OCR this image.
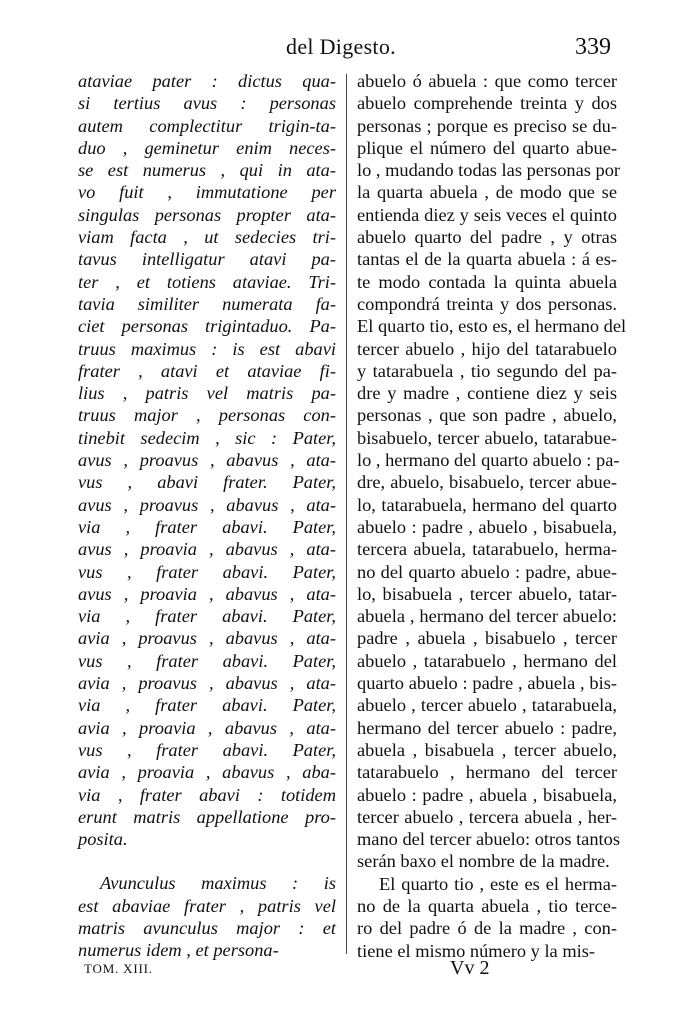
del Digesto.	339
ataviae pater : dictus qua-
si tertius avus : personas
autem complectitur trigin-ta-
duo , geminetur enim neces-
se est numerus , qui in ata-
vo fuit , immutatione per
singulas personas propter ata-
viam facta , ut sedecies tri-
tavus intelligatur atavi pa-
ter , et totiens ataviae. Tri-
tavia similiter numerata fa-
ciet personas trigintaduo. Pa-
truus maximus : is est abavi
frater , atavi et ataviae fi-
lius , patris vel matris pa-
truus major , personas con-
tinebit sedecim , sic : Pater,
avus , proavus , abavus , ata-
vus , abavi frater. Pater,
avus , proavus , abavus , ata-
via , frater abavi. Pater,
avus , proavia , abavus , ata-
vus , frater abavi. Pater,
avus , proavia , abavus , ata-
via , frater abavi. Pater,
avia , proavus , abavus , ata-
vus , frater abavi. Pater,
avia , proavus , abavus , ata-
via , frater abavi. Pater,
avia , proavia , abavus , ata-
vus , frater abavi. Pater,
avia , proavia , abavus , aba-
via , frater abavi : totidem
erunt matris appellatione pro-
posita.
Avunculus maximus : is
est abaviae frater , patris vel
matris avunculus major : et
numerus idem , et persona-
abuelo ó abuela : que como tercer
abuelo comprehende treinta y dos
personas ; porque es preciso se du-
plique el número del quarto abue-
lo , mudando todas las personas por
la quarta abuela , de modo que se
entienda diez y seis veces el quinto
abuelo quarto del padre , y otras
tantas el de la quarta abuela : á es-
te modo contada la quinta abuela
compondrá treinta y dos personas.
El quarto tio, esto es, el hermano del
tercer abuelo , hijo del tatarabuelo
y tatarabuela , tio segundo del pa-
dre y madre , contiene diez y seis
personas , que son padre , abuelo,
bisabuelo, tercer abuelo, tatarabue-
lo , hermano del quarto abuelo : pa-
dre, abuelo, bisabuelo, tercer abue-
lo, tatarabuela, hermano del quarto
abuelo : padre , abuelo , bisabuela,
tercera abuela, tatarabuelo, herma-
no del quarto abuelo : padre, abue-
lo, bisabuela , tercer abuelo, tatar-
abuela , hermano del tercer abuelo:
padre , abuela , bisabuelo , tercer
abuelo , tatarabuelo , hermano del
quarto abuelo : padre , abuela , bis-
abuelo , tercer abuelo , tatarabuela,
hermano del tercer abuelo : padre,
abuela , bisabuela , tercer abuelo,
tatarabuelo , hermano del tercer
abuelo : padre , abuela , bisabuela,
tercer abuelo , tercera abuela , her-
mano del tercer abuelo: otros tantos
serán baxo el nombre de la madre.
El quarto tio , este es el herma-
no de la quarta abuela , tio terce-
ro del padre ó de la madre , con-
tiene el mismo número y la mis-
TOM. XIII.	Vv 2
